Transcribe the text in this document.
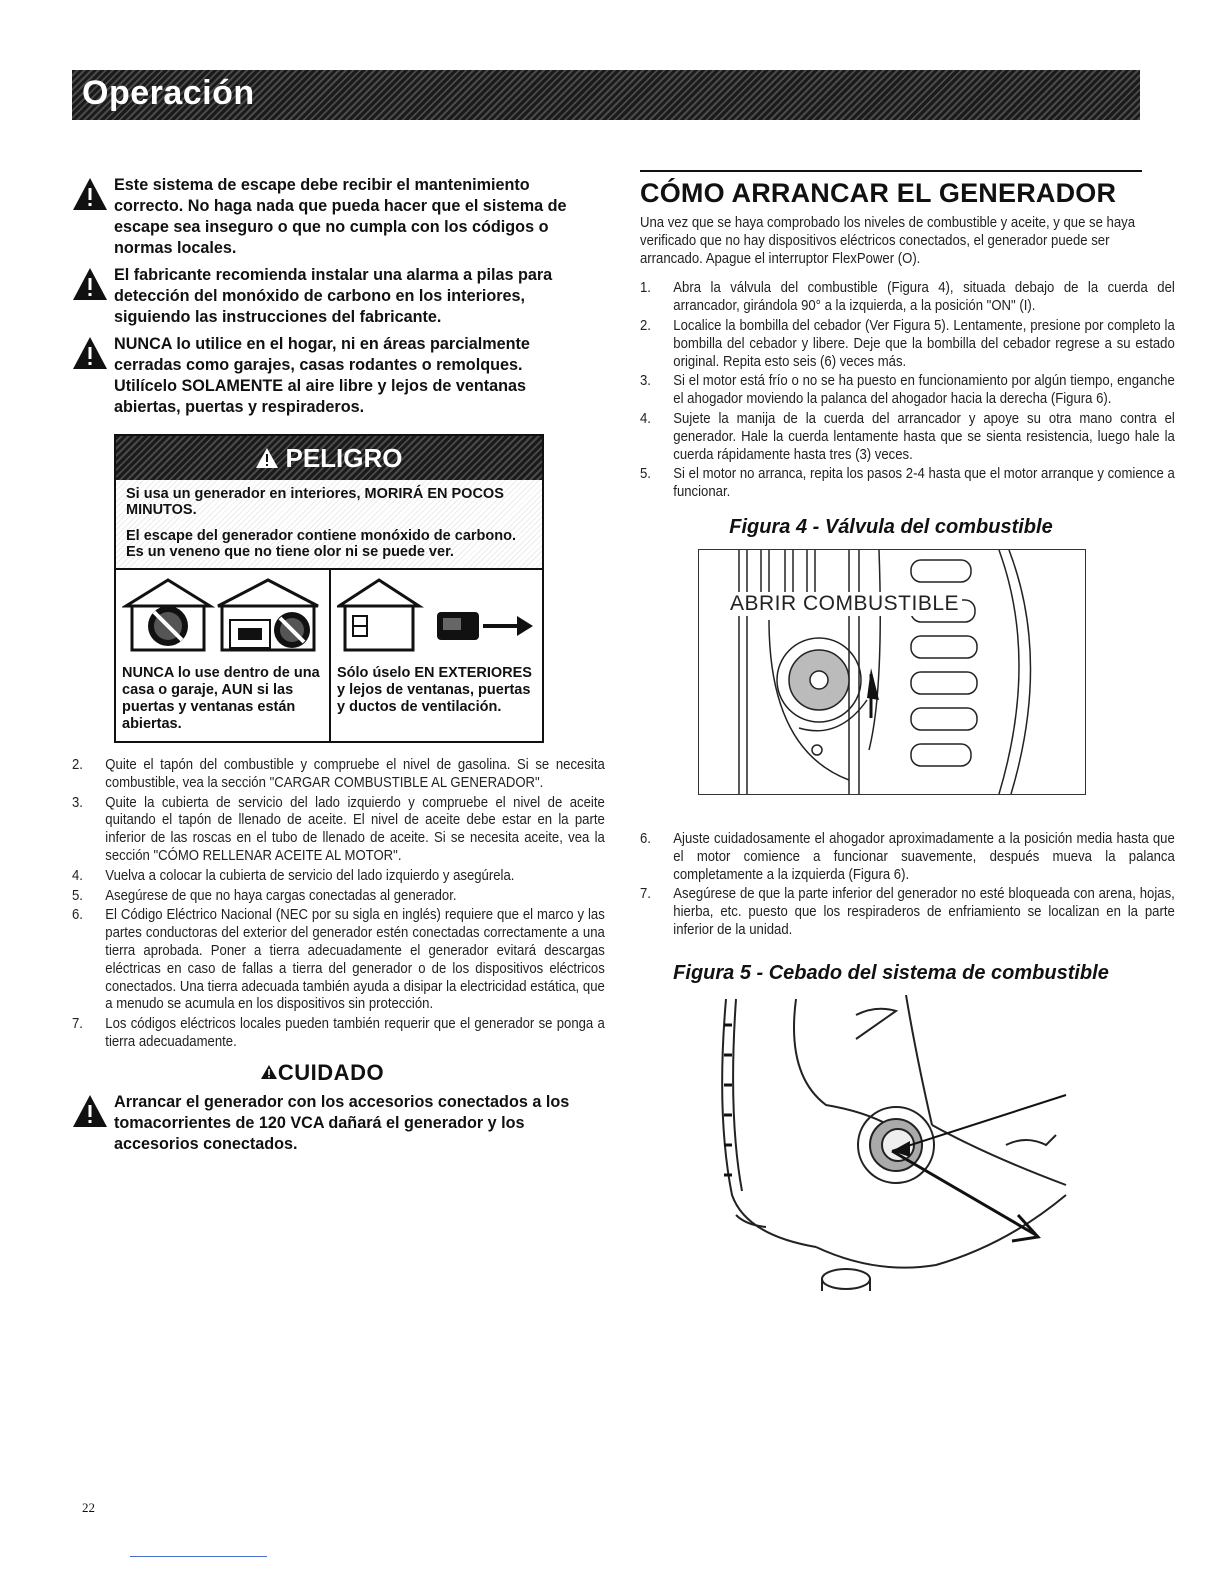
Operación
Este sistema de escape debe recibir el mantenimiento correcto. No haga nada que pueda hacer que el sistema de escape sea inseguro o que no cumpla con los códigos o normas locales.
El fabricante recomienda instalar una alarma a pilas para detección del monóxido de carbono en los interiores, siguiendo las instrucciones del fabricante.
NUNCA lo utilice en el hogar, ni en áreas parcialmente cerradas como garajes, casas rodantes o remolques. Utilícelo SOLAMENTE al aire libre y lejos de ventanas abiertas, puertas y respiraderos.
PELIGRO

Si usa un generador en interiores, MORIRÁ EN POCOS MINUTOS.

El escape del generador contiene monóxido de carbono. Es un veneno que no tiene olor ni se puede ver.

NUNCA lo use dentro de una casa o garaje, AUN si las puertas y ventanas están abiertas.
Sólo úselo EN EXTERIORES y lejos de ventanas, puertas y ductos de ventilación.
2. Quite el tapón del combustible y compruebe el nivel de gasolina. Si se necesita combustible, vea la sección "CARGAR COMBUSTIBLE AL GENERADOR".
3. Quite la cubierta de servicio del lado izquierdo y compruebe el nivel de aceite quitando el tapón de llenado de aceite. El nivel de aceite debe estar en la parte inferior de las roscas en el tubo de llenado de aceite. Si se necesita aceite, vea la sección "CÓMO RELLENAR ACEITE AL MOTOR".
4. Vuelva a colocar la cubierta de servicio del lado izquierdo y asegúrela.
5. Asegúrese de que no haya cargas conectadas al generador.
6. El Código Eléctrico Nacional (NEC por su sigla en inglés) requiere que el marco y las partes conductoras del exterior del generador estén conectadas correctamente a una tierra aprobada. Poner a tierra adecuadamente el generador evitará descargas eléctricas en caso de fallas a tierra del generador o de los dispositivos eléctricos conectados. Una tierra adecuada también ayuda a disipar la electricidad estática, que a menudo se acumula en los dispositivos sin protección.
7. Los códigos eléctricos locales pueden también requerir que el generador se ponga a tierra adecuadamente.
CUIDADO
Arrancar el generador con los accesorios conectados a los tomacorrientes de 120 VCA dañará el generador y los accesorios conectados.
CÓMO ARRANCAR EL GENERADOR

Una vez que se haya comprobado los niveles de combustible y aceite, y que se haya verificado que no hay dispositivos eléctricos conectados, el generador puede ser arrancado. Apague el interruptor FlexPower (O).

1. Abra la válvula del combustible (Figura 4), situada debajo de la cuerda del arrancador, girándola 90° a la izquierda, a la posición "ON" (I).
2. Localice la bombilla del cebador (Ver Figura 5). Lentamente, presione por completo la bombilla del cebador y libere. Deje que la bombilla del cebador regrese a su estado original. Repita esto seis (6) veces más.
3. Si el motor está frío o no se ha puesto en funcionamiento por algún tiempo, enganche el ahogador moviendo la palanca del ahogador hacia la derecha (Figura 6).
4. Sujete la manija de la cuerda del arrancador y apoye su otra mano contra el generador. Hale la cuerda lentamente hasta que se sienta resistencia, luego hale la cuerda rápidamente hasta tres (3) veces.
5. Si el motor no arranca, repita los pasos 2-4 hasta que el motor arranque y comience a funcionar.
Figura 4 - Válvula del combustible
ABRIR COMBUSTIBLE
6. Ajuste cuidadosamente el ahogador aproximadamente a la posición media hasta que el motor comience a funcionar suavemente, después mueva la palanca completamente a la izquierda (Figura 6).
7. Asegúrese de que la parte inferior del generador no esté bloqueada con arena, hojas, hierba, etc. puesto que los respiraderos de enfriamiento se localizan en la parte inferior de la unidad.
Figura 5 - Cebado del sistema de combustible
22
